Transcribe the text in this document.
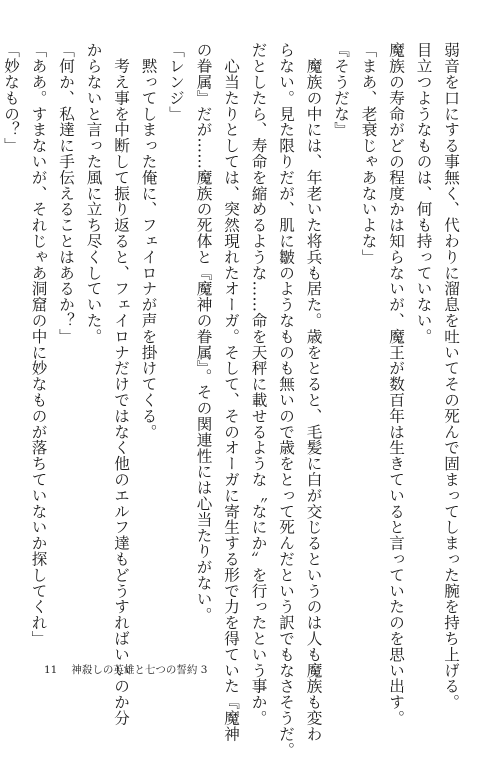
弱音を口にする事無く、代わりに溜息を吐いてその死んで固まってしまった腕を持ち上げる。
目立つようなものは、何も持っていない。
魔族の寿命がどの程度かは知らないが、魔王が数百年は生きていると言っていたのを思い出す。
「まあ、老衰じゃあないよな」
『そうだな』
　魔族の中には、年老いた将兵も居た。歳をとると、毛髪に白が交じるというのは人も魔族も変わ
らない。見た限りだが、肌に皺のようなものも無いので歳をとって死んだという訳でもなさそうだ。
だとしたら、寿命を縮めるような……命を天秤に載せるような〝なにか〟を行ったという事か。
　心当たりとしては、突然現れたオーガ。そして、そのオーガに寄生する形で力を得ていた『魔神
の眷属』だが……魔族の死体と『魔神の眷属』。その関連性には心当たりがない。
「レンジ」
　黙ってしまった俺に、フェイロナが声を掛けてくる。
　考え事を中断して振り返ると、フェイロナだけではなく他のエルフ達もどうすればいいのか分
からないと言った風に立ち尽くしていた。
「何か、私達に手伝えることはあるか？」
「ああ。すまないが、それじゃあ洞窟の中に妙なものが落ちていないか探してくれ」
「妙なもの？」
11 神殺しの英雄と七つの誓約 3
